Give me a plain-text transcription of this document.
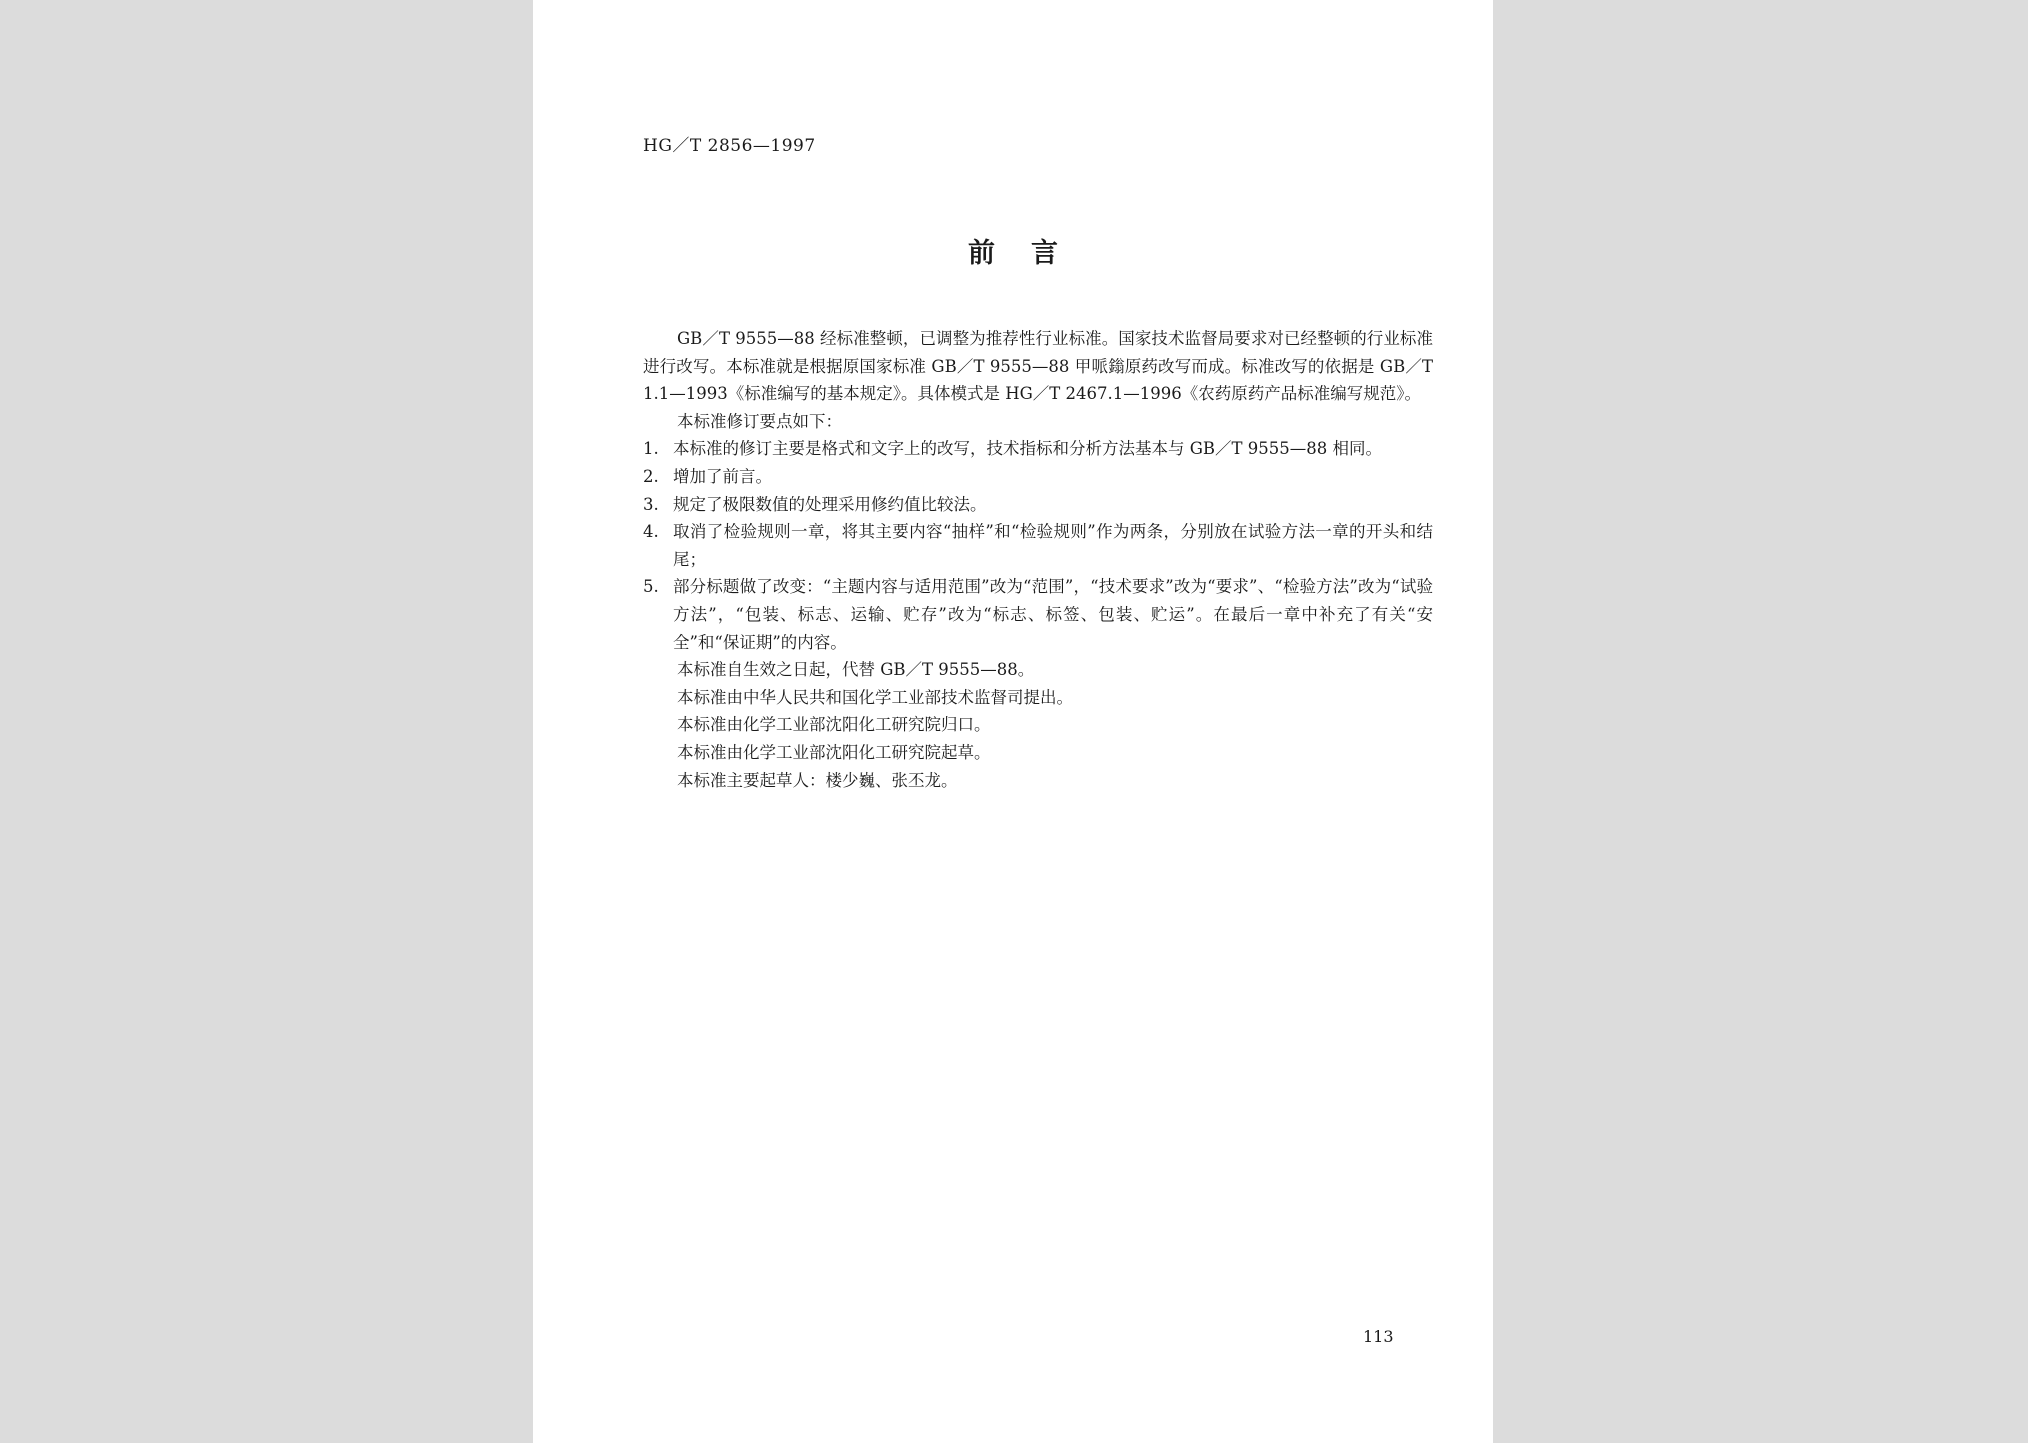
HG／T 2856—1997
前言

GB／T 9555—88 经标准整顿，已调整为推荐性行业标准。国家技术监督局要求对已经整顿的行业标准进行改写。本标准就是根据原国家标准 GB／T 9555—88 甲哌鎓原药改写而成。标准改写的依据是 GB／T 1.1—1993《标准编写的基本规定》。具体模式是 HG／T 2467.1—1996《农药原药产品标准编写规范》。

本标准修订要点如下：

1. 本标准的修订主要是格式和文字上的改写，技术指标和分析方法基本与 GB／T 9555—88 相同。
2. 增加了前言。
3. 规定了极限数值的处理采用修约值比较法。
4. 取消了检验规则一章，将其主要内容“抽样”和“检验规则”作为两条，分别放在试验方法一章的开头和结尾；
5. 部分标题做了改变：“主题内容与适用范围”改为“范围”，“技术要求”改为“要求”、“检验方法”改为“试验方法”，“包装、标志、运输、贮存”改为“标志、标签、包装、贮运”。在最后一章中补充了有关“安全”和“保证期”的内容。

本标准自生效之日起，代替 GB／T 9555—88。

本标准由中华人民共和国化学工业部技术监督司提出。

本标准由化学工业部沈阳化工研究院归口。

本标准由化学工业部沈阳化工研究院起草。

本标准主要起草人：楼少巍、张丕龙。

113
